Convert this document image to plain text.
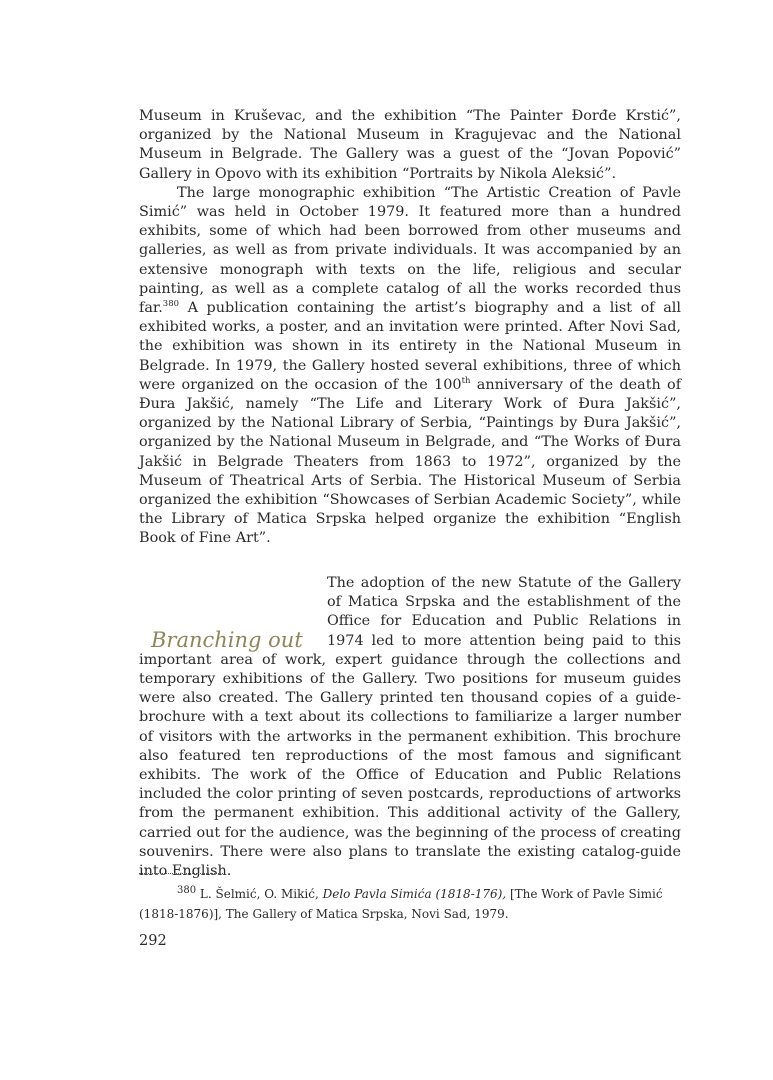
Museum in Kruševac, and the exhibition “The Painter Đorđe Krstić”, organized by the National Museum in Kragujevac and the National Museum in Belgrade. The Gallery was a guest of the “Jovan Popović” Gallery in Opovo with its exhibition “Portraits by Nikola Aleksić”.

The large monographic exhibition “The Artistic Creation of Pavle Simić” was held in October 1979. It featured more than a hundred exhibits, some of which had been borrowed from other museums and galleries, as well as from private individuals. It was accompanied by an extensive monograph with texts on the life, religious and secular painting, as well as a complete catalog of all the works recorded thus far.$^{380}$ A publication containing the artist’s biography and a list of all exhibited works, a poster, and an invitation were printed. After Novi Sad, the exhibition was shown in its entirety in the National Museum in Belgrade. In 1979, the Gallery hosted several exhibitions, three of which were organized on the occasion of the 100th anniversary of the death of Đura Jakšić, namely “The Life and Literary Work of Đura Jakšić”, organized by the National Library of Serbia, “Paintings by Đura Jakšić”, organized by the National Museum in Belgrade, and “The Works of Đura Jakšić in Belgrade Theaters from 1863 to 1972”, organized by the Museum of Theatrical Arts of Serbia. The Historical Museum of Serbia organized the exhibition “Showcases of Serbian Academic Society”, while the Library of Matica Srpska helped organize the exhibition “English Book of Fine Art”.

Branching out

The adoption of the new Statute of the Gallery of Matica Srpska and the establishment of the Office for Education and Public Relations in 1974 led to more attention being paid to this important area of work, expert guidance through the collections and temporary exhibitions of the Gallery. Two positions for museum guides were also created. The Gallery printed ten thousand copies of a guide-brochure with a text about its collections to familiarize a larger number of visitors with the artworks in the permanent exhibition. This brochure also featured ten reproductions of the most famous and significant exhibits. The work of the Office of Education and Public Relations included the color printing of seven postcards, reproductions of artworks from the permanent exhibition. This additional activity of the Gallery, carried out for the audience, was the beginning of the process of creating souvenirs. There were also plans to translate the existing catalog-guide into English.

$^{380}$ L. Šelmić, O. Mikić, Delo Pavla Simića (1818-176), [The Work of Pavle Simić (1818-1876)], The Gallery of Matica Srpska, Novi Sad, 1979.

292
